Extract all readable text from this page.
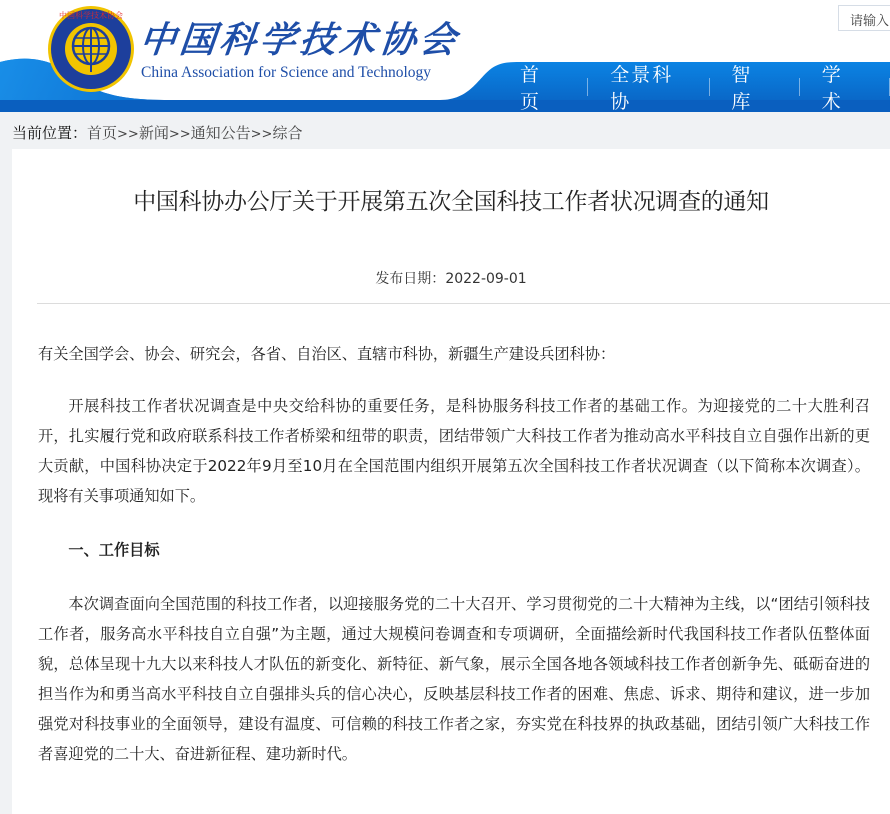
中国科学技术协会
中国科学技术协会
China Association for Science and Technology
请输入
首 页
全景科协
智 库
学 术
当前位置：首页>>新闻>>通知公告>>综合
中国科协办公厅关于开展第五次全国科技工作者状况调查的通知
发布日期：2022-09-01

有关全国学会、协会、研究会，各省、自治区、直辖市科协，新疆生产建设兵团科协：

开展科技工作者状况调查是中央交给科协的重要任务，是科协服务科技工作者的基础工作。为迎接党的二十大胜利召开，扎实履行党和政府联系科技工作者桥梁和纽带的职责，团结带领广大科技工作者为推动高水平科技自立自强作出新的更大贡献，中国科协决定于2022年9月至10月在全国范围内组织开展第五次全国科技工作者状况调查（以下简称本次调查）。现将有关事项通知如下。

一、工作目标

本次调查面向全国范围的科技工作者，以迎接服务党的二十大召开、学习贯彻党的二十大精神为主线，以“团结引领科技工作者，服务高水平科技自立自强”为主题，通过大规模问卷调查和专项调研，全面描绘新时代我国科技工作者队伍整体面貌，总体呈现十九大以来科技人才队伍的新变化、新特征、新气象，展示全国各地各领域科技工作者创新争先、砥砺奋进的担当作为和勇当高水平科技自立自强排头兵的信心决心，反映基层科技工作者的困难、焦虑、诉求、期待和建议，进一步加强党对科技事业的全面领导，建设有温度、可信赖的科技工作者之家，夯实党在科技界的执政基础，团结引领广大科技工作者喜迎党的二十大、奋进新征程、建功新时代。
